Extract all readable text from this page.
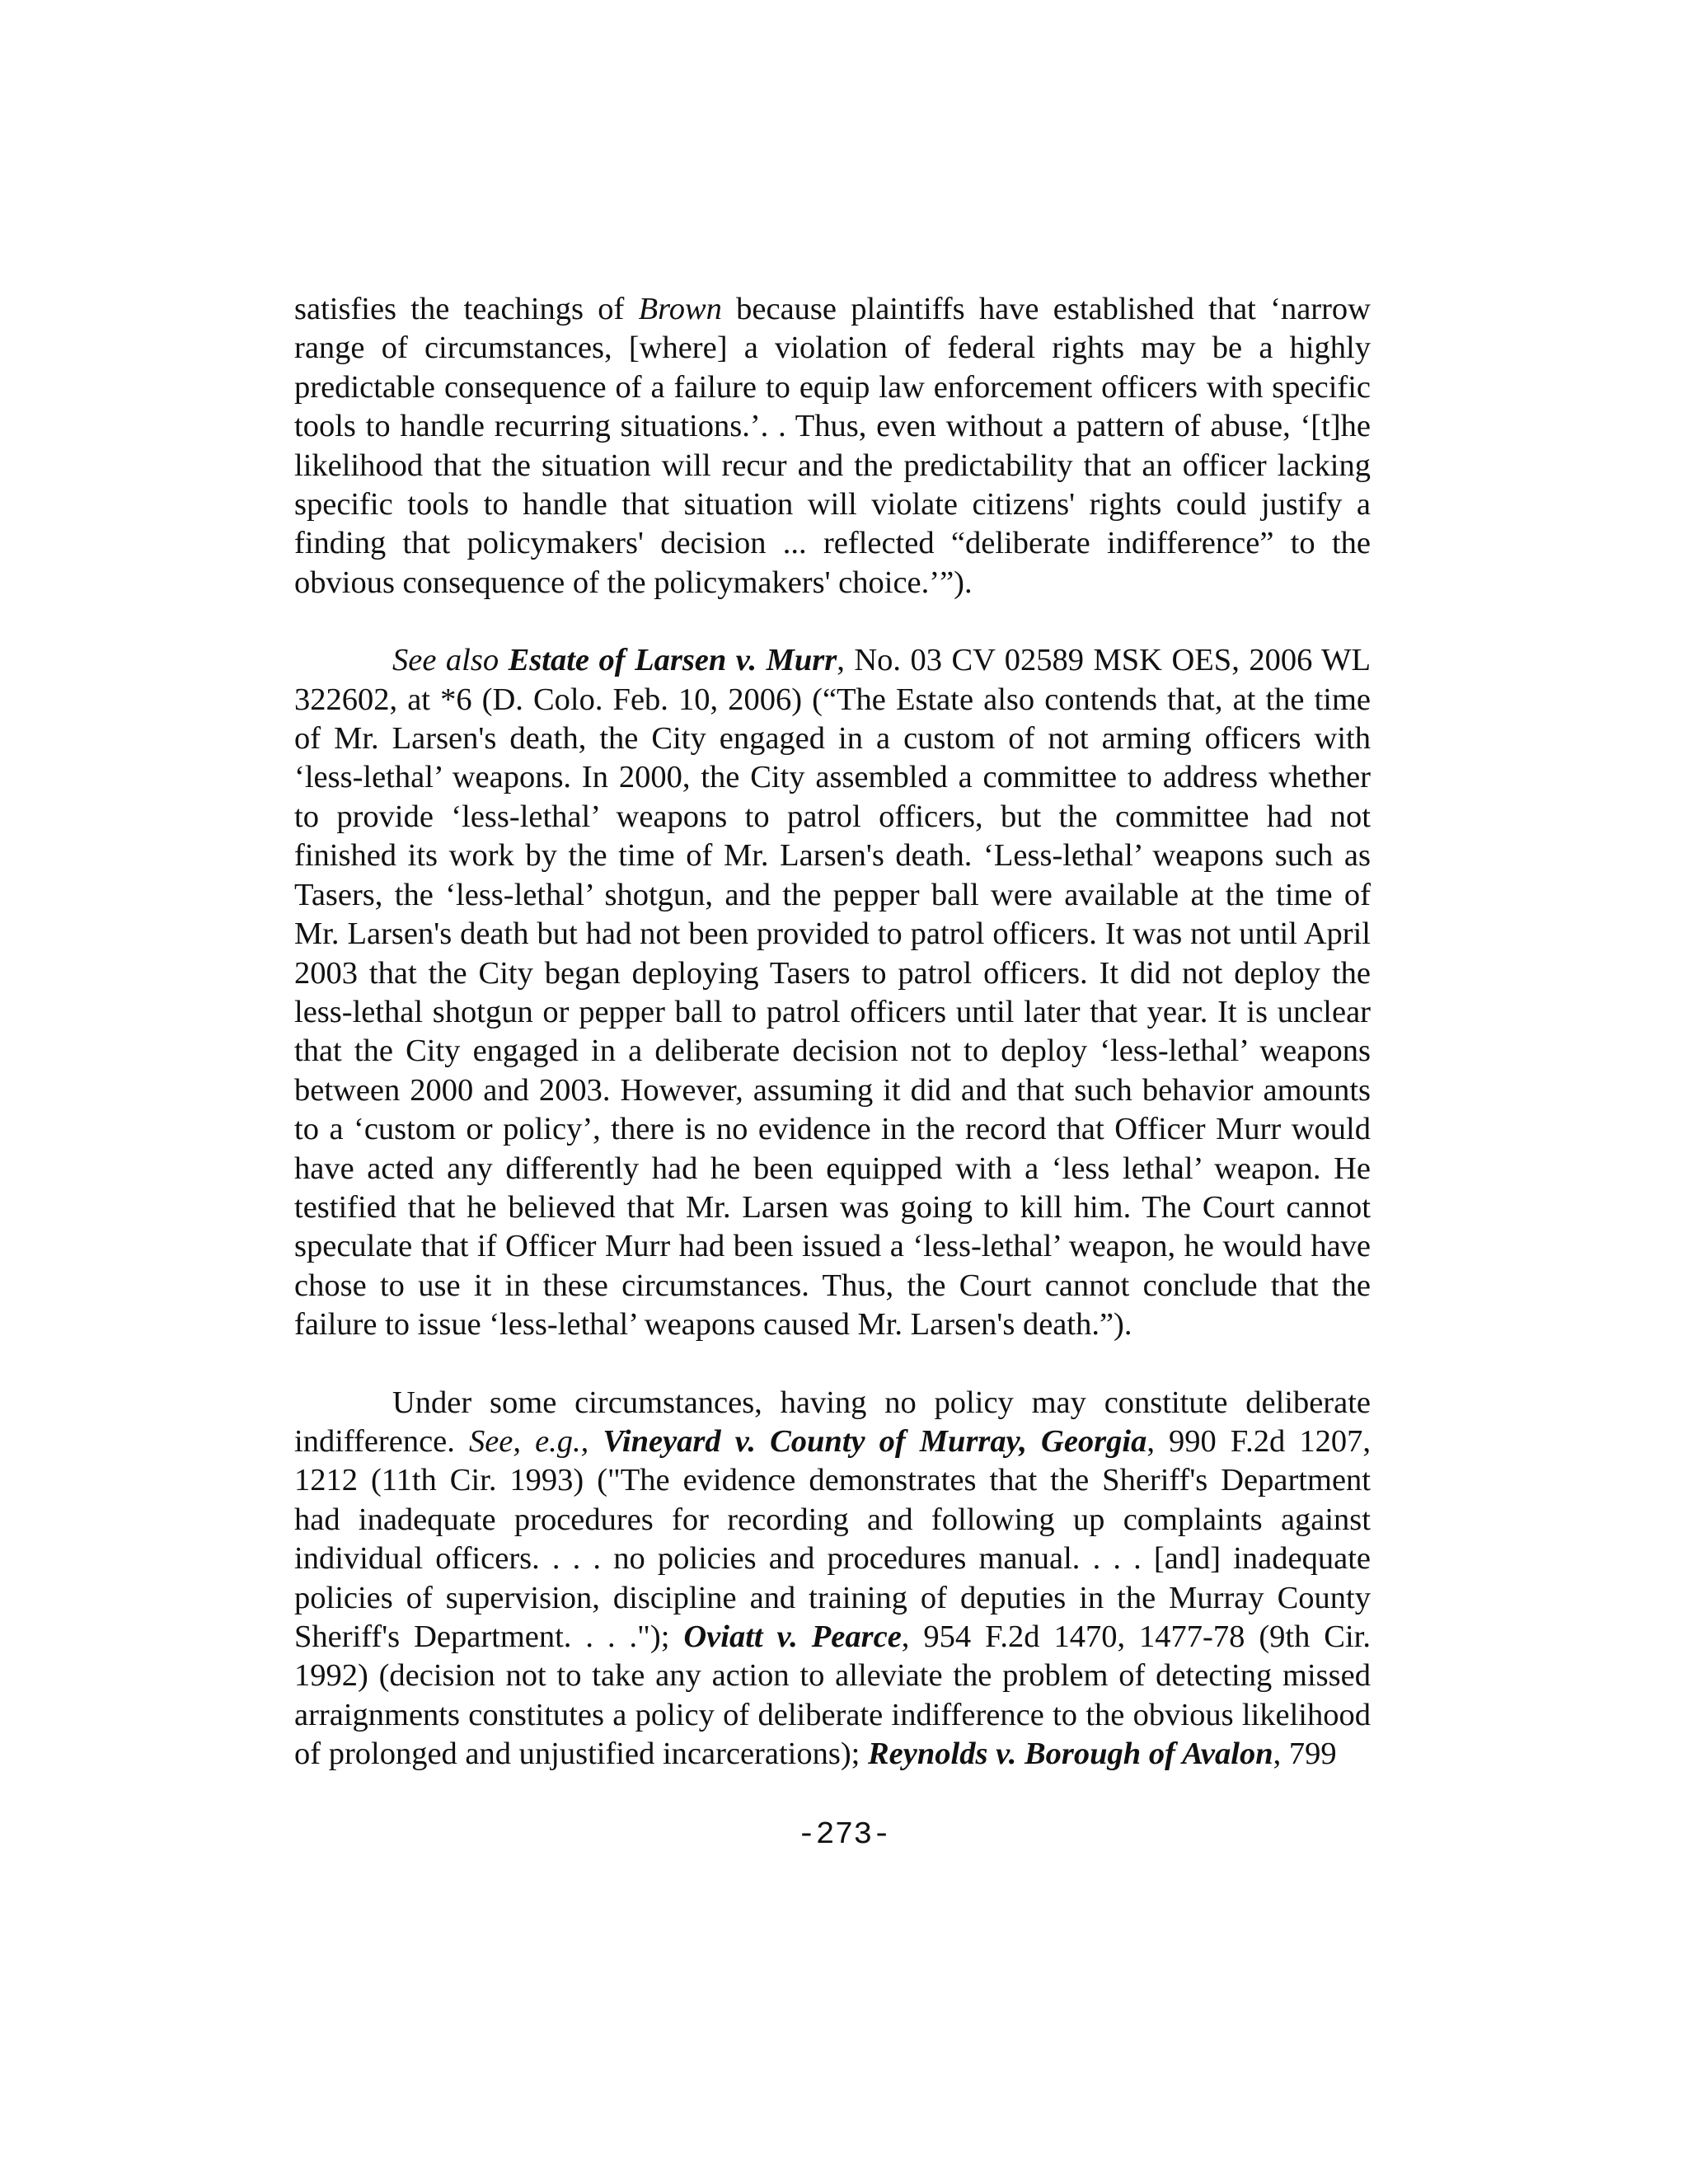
satisfies the teachings of Brown because plaintiffs have established that ‘narrow range of circumstances, [where] a violation of federal rights may be a highly predictable consequence of a failure to equip law enforcement officers with specific tools to handle recurring situations.’. . Thus, even without a pattern of abuse, ‘[t]he likelihood that the situation will recur and the predictability that an officer lacking specific tools to handle that situation will violate citizens' rights could justify a finding that policymakers' decision ... reflected “deliberate indifference” to the obvious consequence of the policymakers' choice.’”).

See also Estate of Larsen v. Murr, No. 03 CV 02589 MSK OES, 2006 WL 322602, at *6 (D. Colo. Feb. 10, 2006) (“The Estate also contends that, at the time of Mr. Larsen's death, the City engaged in a custom of not arming officers with ‘less-lethal’ weapons. In 2000, the City assembled a committee to address whether to provide ‘less-lethal’ weapons to patrol officers, but the committee had not finished its work by the time of Mr. Larsen's death. ‘Less-lethal’ weapons such as Tasers, the ‘less-lethal’ shotgun, and the pepper ball were available at the time of Mr. Larsen's death but had not been provided to patrol officers. It was not until April 2003 that the City began deploying Tasers to patrol officers. It did not deploy the less-lethal shotgun or pepper ball to patrol officers until later that year. It is unclear that the City engaged in a deliberate decision not to deploy ‘less-lethal’ weapons between 2000 and 2003. However, assuming it did and that such behavior amounts to a ‘custom or policy’, there is no evidence in the record that Officer Murr would have acted any differently had he been equipped with a ‘less lethal’ weapon. He testified that he believed that Mr. Larsen was going to kill him. The Court cannot speculate that if Officer Murr had been issued a ‘less-lethal’ weapon, he would have chose to use it in these circumstances. Thus, the Court cannot conclude that the failure to issue ‘less-lethal’ weapons caused Mr. Larsen's death.”).

Under some circumstances, having no policy may constitute deliberate indifference. See, e.g., Vineyard v. County of Murray, Georgia, 990 F.2d 1207, 1212 (11th Cir. 1993) ("The evidence demonstrates that the Sheriff's Department had inadequate procedures for recording and following up complaints against individual officers. . . . no policies and procedures manual. . . . [and] inadequate policies of supervision, discipline and training of deputies in the Murray County Sheriff's Department. . . ."); Oviatt v. Pearce, 954 F.2d 1470, 1477-78 (9th Cir. 1992) (decision not to take any action to alleviate the problem of detecting missed arraignments constitutes a policy of deliberate indifference to the obvious likelihood of prolonged and unjustified incarcerations); Reynolds v. Borough of Avalon, 799

-273-
